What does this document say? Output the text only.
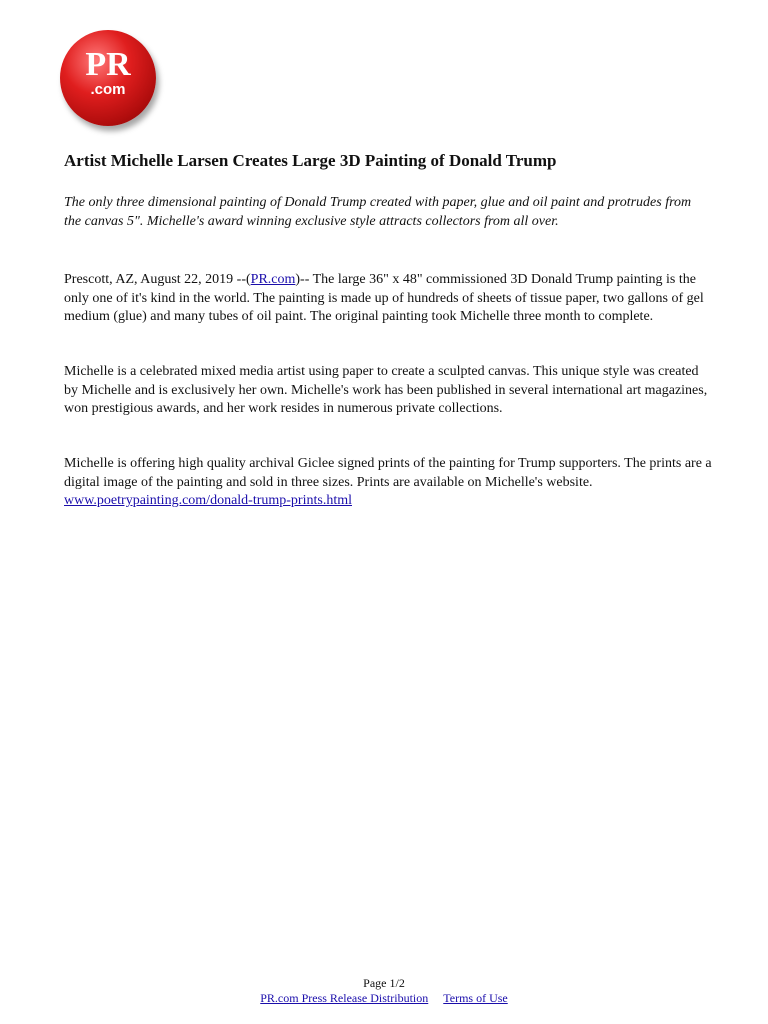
PR
.com
Artist Michelle Larsen Creates Large 3D Painting of Donald Trump

The only three dimensional painting of Donald Trump created with paper, glue and oil paint and protrudes from the canvas 5". Michelle's award winning exclusive style attracts collectors from all over.

Prescott, AZ, August 22, 2019 --(PR.com)-- The large 36" x 48" commissioned 3D Donald Trump painting is the only one of it's kind in the world. The painting is made up of hundreds of sheets of tissue paper, two gallons of gel medium (glue) and many tubes of oil paint. The original painting took Michelle three month to complete.

Michelle is a celebrated mixed media artist using paper to create a sculpted canvas. This unique style was created by Michelle and is exclusively her own. Michelle's work has been published in several international art magazines, won prestigious awards, and her work resides in numerous private collections.

Michelle is offering high quality archival Giclee signed prints of the painting for Trump supporters. The prints are a digital image of the painting and sold in three sizes. Prints are available on Michelle's website.
www.poetrypainting.com/donald-trump-prints.html

Page 1/2
PR.com Press Release Distribution Terms of Use
